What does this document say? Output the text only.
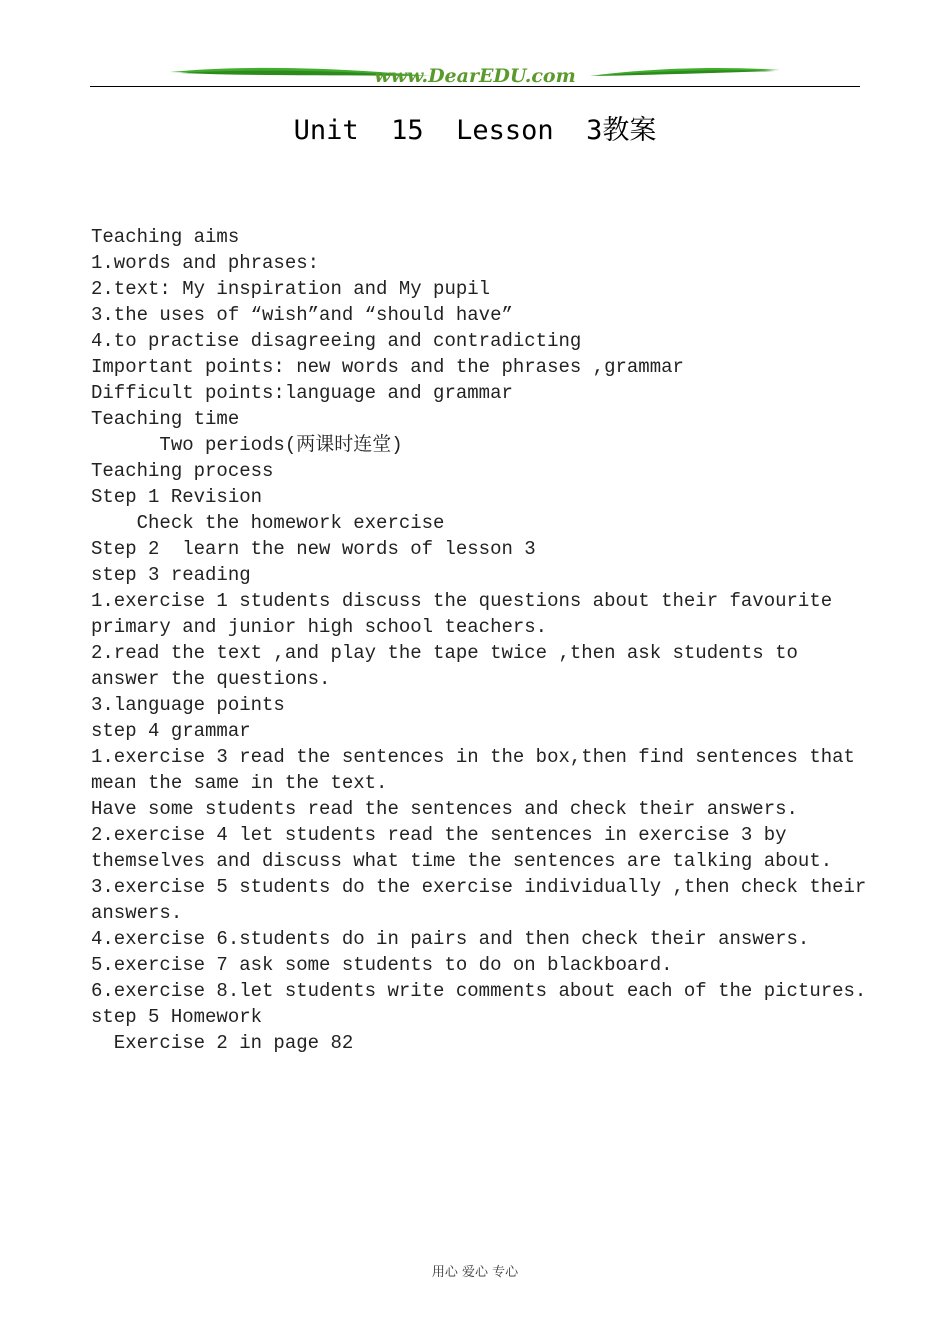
www.DearEDU.com
Unit  15  Lesson  3教案
Teaching aims
1.words and phrases:
2.text: My inspiration and My pupil
3.the uses of “wish”and “should have”
4.to practise disagreeing and contradicting
Important points: new words and the phrases ,grammar
Difficult points:language and grammar
Teaching time
Two periods(两课时连堂)
Teaching process
Step 1 Revision
Check the homework exercise
Step 2  learn the new words of lesson 3
step 3 reading
1.exercise 1 students discuss the questions about their favourite
primary and junior high school teachers.
2.read the text ,and play the tape twice ,then ask students to
answer the questions.
3.language points
step 4 grammar
1.exercise 3 read the sentences in the box,then find sentences that
mean the same in the text.
Have some students read the sentences and check their answers.
2.exercise 4 let students read the sentences in exercise 3 by
themselves and discuss what time the sentences are talking about.
3.exercise 5 students do the exercise individually ,then check their
answers.
4.exercise 6.students do in pairs and then check their answers.
5.exercise 7 ask some students to do on blackboard.
6.exercise 8.let students write comments about each of the pictures.
step 5 Homework
Exercise 2 in page 82
用心 爱心 专心
